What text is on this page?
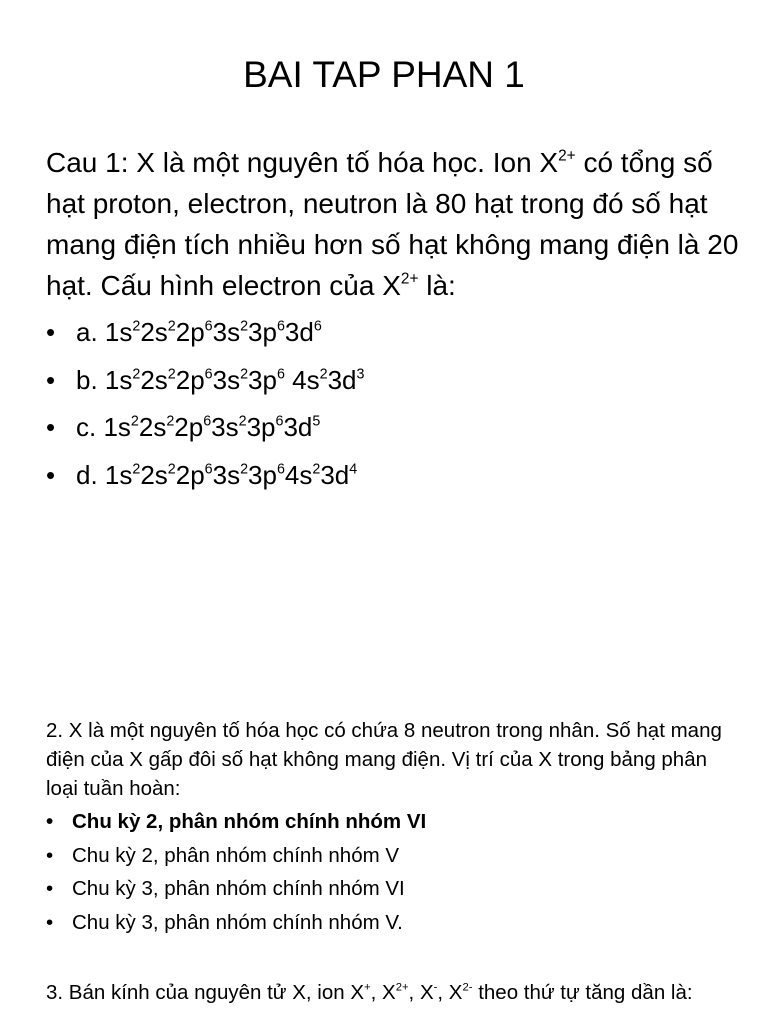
BAI TAP PHAN 1
Cau 1: X là một nguyên tố hóa học. Ion $X^{2+}$ có tổng số hạt proton, electron, neutron là 80 hạt trong đó số hạt mang điện tích nhiều hơn số hạt không mang điện là 20 hạt. Cấu hình electron của $X^{2+}$ là:
• a. $1s^22s^22p^63s^23p^63d^6$
• b. $1s^22s^22p^63s^23p^6$ $4s^23d^3$
• c. $1s^22s^22p^63s^23p^63d^5$
• d. $1s^22s^22p^63s^23p^64s^23d^4$
2. X là một nguyên tố hóa học có chứa 8 neutron trong nhân. Số hạt mang điện của X gấp đôi số hạt không mang điện. Vị trí của X trong bảng phân loại tuần hoàn:
• Chu kỳ 2, phân nhóm chính nhóm VI
• Chu kỳ 2, phân nhóm chính nhóm V
• Chu kỳ 3, phân nhóm chính nhóm VI
• Chu kỳ 3, phân nhóm chính nhóm V.
3. Bán kính của nguyên tử X, ion X+, $X^{2+}$, X-, $X^{2-}$ theo thứ tự tăng dần là:
